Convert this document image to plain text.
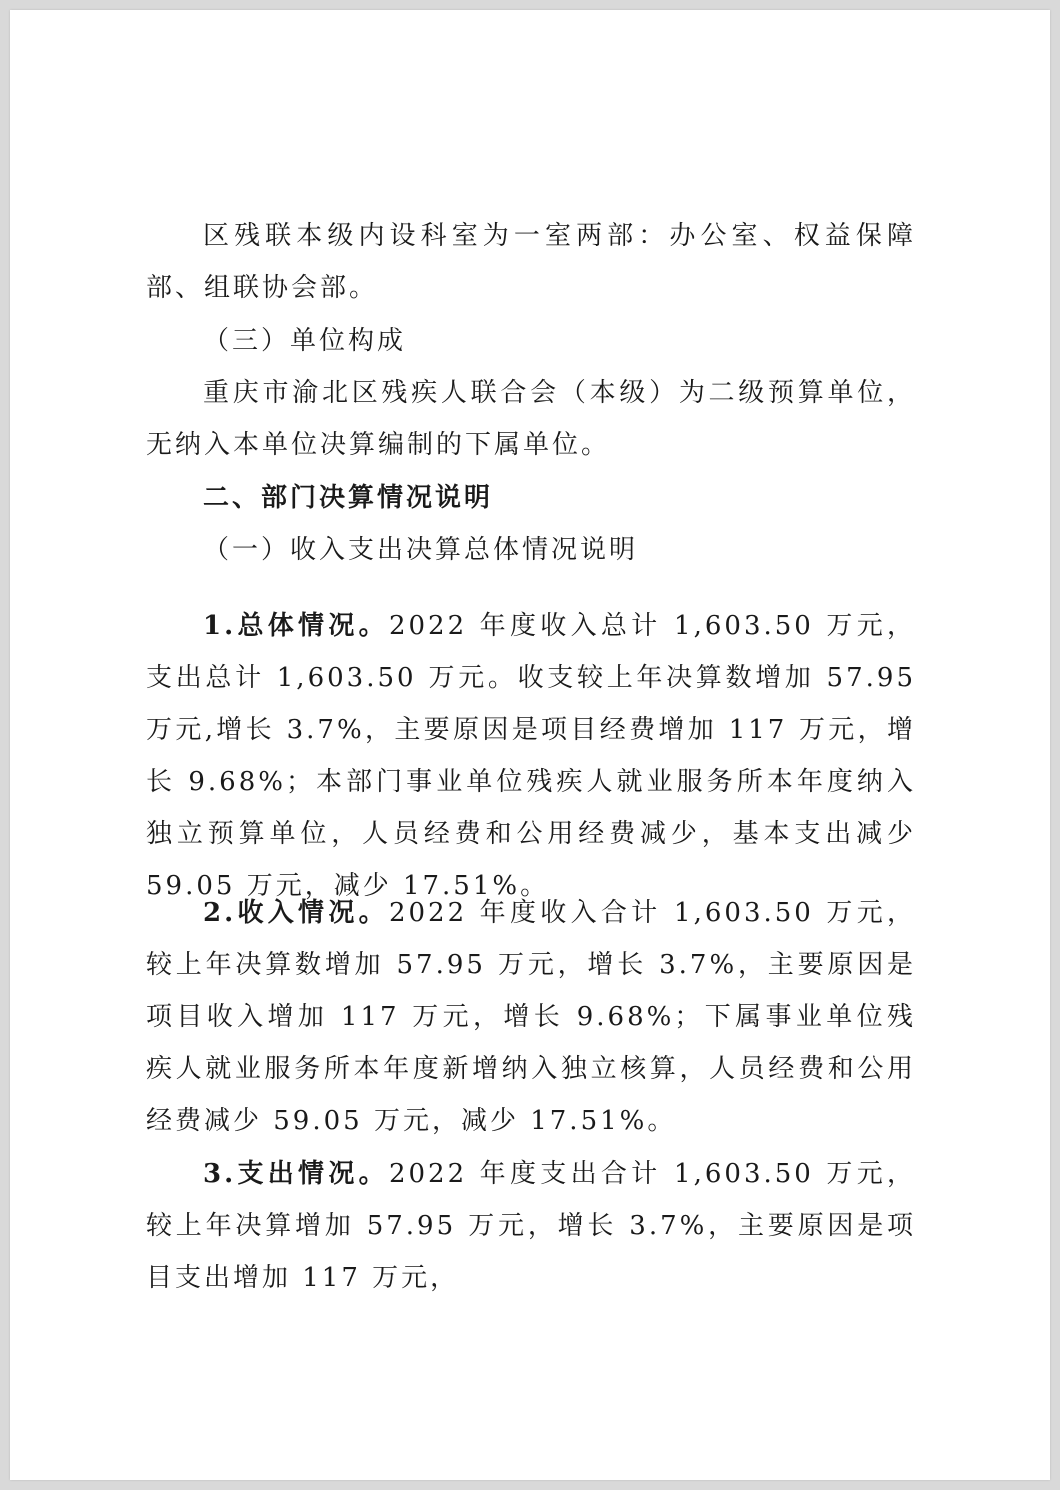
区残联本级内设科室为一室两部：办公室、权益保障部、组联协会部。

（三）单位构成

重庆市渝北区残疾人联合会（本级）为二级预算单位，无纳入本单位决算编制的下属单位。

二、部门决算情况说明

（一）收入支出决算总体情况说明

1.总体情况。2022 年度收入总计 1,603.50 万元，支出总计 1,603.50 万元。收支较上年决算数增加 57.95 万元,增长 3.7%，主要原因是项目经费增加 117 万元，增长 9.68%；本部门事业单位残疾人就业服务所本年度纳入独立预算单位，人员经费和公用经费减少，基本支出减少 59.05 万元，减少 17.51%。

2.收入情况。2022 年度收入合计 1,603.50 万元，较上年决算数增加 57.95 万元，增长 3.7%，主要原因是项目收入增加 117 万元，增长 9.68%；下属事业单位残疾人就业服务所本年度新增纳入独立核算，人员经费和公用经费减少 59.05 万元，减少 17.51%。

3.支出情况。2022 年度支出合计 1,603.50 万元，较上年决算增加 57.95 万元，增长 3.7%，主要原因是项目支出增加 117 万元，
